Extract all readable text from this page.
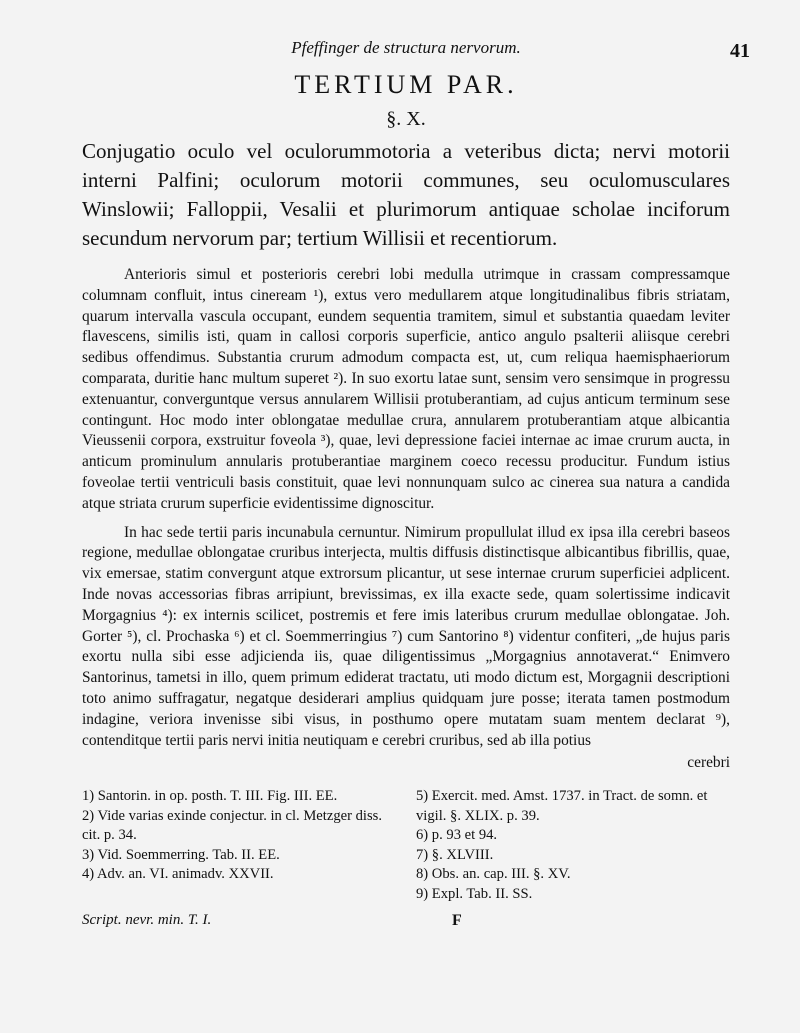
Pfeffinger de structura nervorum.	41
TERTIUM PAR.
§. X.
Conjugatio oculo vel oculorummotoria a veteribus dicta; nervi motorii interni Palfini; oculorum motorii communes, seu oculomusculares Winslowii; Falloppii, Vesalii et plurimorum antiquae scholae inciforum secundum nervorum par; tertium Willisii et recentiorum.

Anterioris simul et posterioris cerebri lobi medulla utrimque in crassam compressamque columnam confluit, intus cineream ¹), extus vero medullarem atque longitudinalibus fibris striatam, quarum intervalla vascula occupant, eundem sequentia tramitem, simul et substantia quaedam leviter flavescens, similis isti, quam in callosi corporis superficie, antico angulo psalterii aliisque cerebri sedibus offendimus. Substantia crurum admodum compacta est, ut, cum reliqua haemisphaeriorum comparata, duritie hanc multum superet ²). In suo exortu latae sunt, sensim vero sensimque in progressu extenuantur, converguntque versus annularem Willisii protuberantiam, ad cujus anticum terminum sese contingunt. Hoc modo inter oblongatae medullae crura, annularem protuberantiam atque albicantia Vieussenii corpora, exstruitur foveola ³), quae, levi depressione faciei internae ac imae crurum aucta, in anticum prominulum annularis protuberantiae marginem coeco recessu producitur. Fundum istius foveolae tertii ventriculi basis constituit, quae levi nonnunquam sulco ac cinerea sua natura a candida atque striata crurum superficie evidentissime dignoscitur.

In hac sede tertii paris incunabula cernuntur. Nimirum propullulat illud ex ipsa illa cerebri baseos regione, medullae oblongatae cruribus interjecta, multis diffusis distinctisque albicantibus fibrillis, quae, vix emersae, statim convergunt atque extrorsum plicantur, ut sese internae crurum superficiei adplicent. Inde novas accessorias fibras arripiunt, brevissimas, ex illa exacte sede, quam solertissime indicavit Morgagnius ⁴): ex internis scilicet, postremis et fere imis lateribus crurum medullae oblongatae. Joh. Gorter ⁵), cl. Prochaska ⁶) et cl. Soemmerringius ⁷) cum Santorino ⁸) videntur confiteri, „de hujus paris exortu nulla sibi esse adjicienda iis, quae diligentissimus „Morgagnius annotaverat.“ Enimvero Santorinus, tametsi in illo, quem primum ediderat tractatu, uti modo dictum est, Morgagnii descriptioni toto animo suffragatur, negatque desiderari amplius quidquam jure posse; iterata tamen postmodum indagine, veriora invenisse sibi visus, in posthumo opere mutatam suam mentem declarat ⁹), contenditque tertii paris nervi initia neutiquam e cerebri cruribus, sed ab illa potius

cerebri
1) Santorin. in op. posth. T. III. Fig. III. EE.
2) Vide varias exinde conjectur. in cl. Metzger diss. cit. p. 34.
3) Vid. Soemmerring. Tab. II. EE.
4) Adv. an. VI. animadv. XXVII.
5) Exercit. med. Amst. 1737. in Tract. de somn. et vigil. §. XLIX. p. 39.
6) p. 93 et 94.
7) §. XLVIII.
8) Obs. an. cap. III. §. XV.
9) Expl. Tab. II. SS.
Script. nevr. min. T. I.	F
